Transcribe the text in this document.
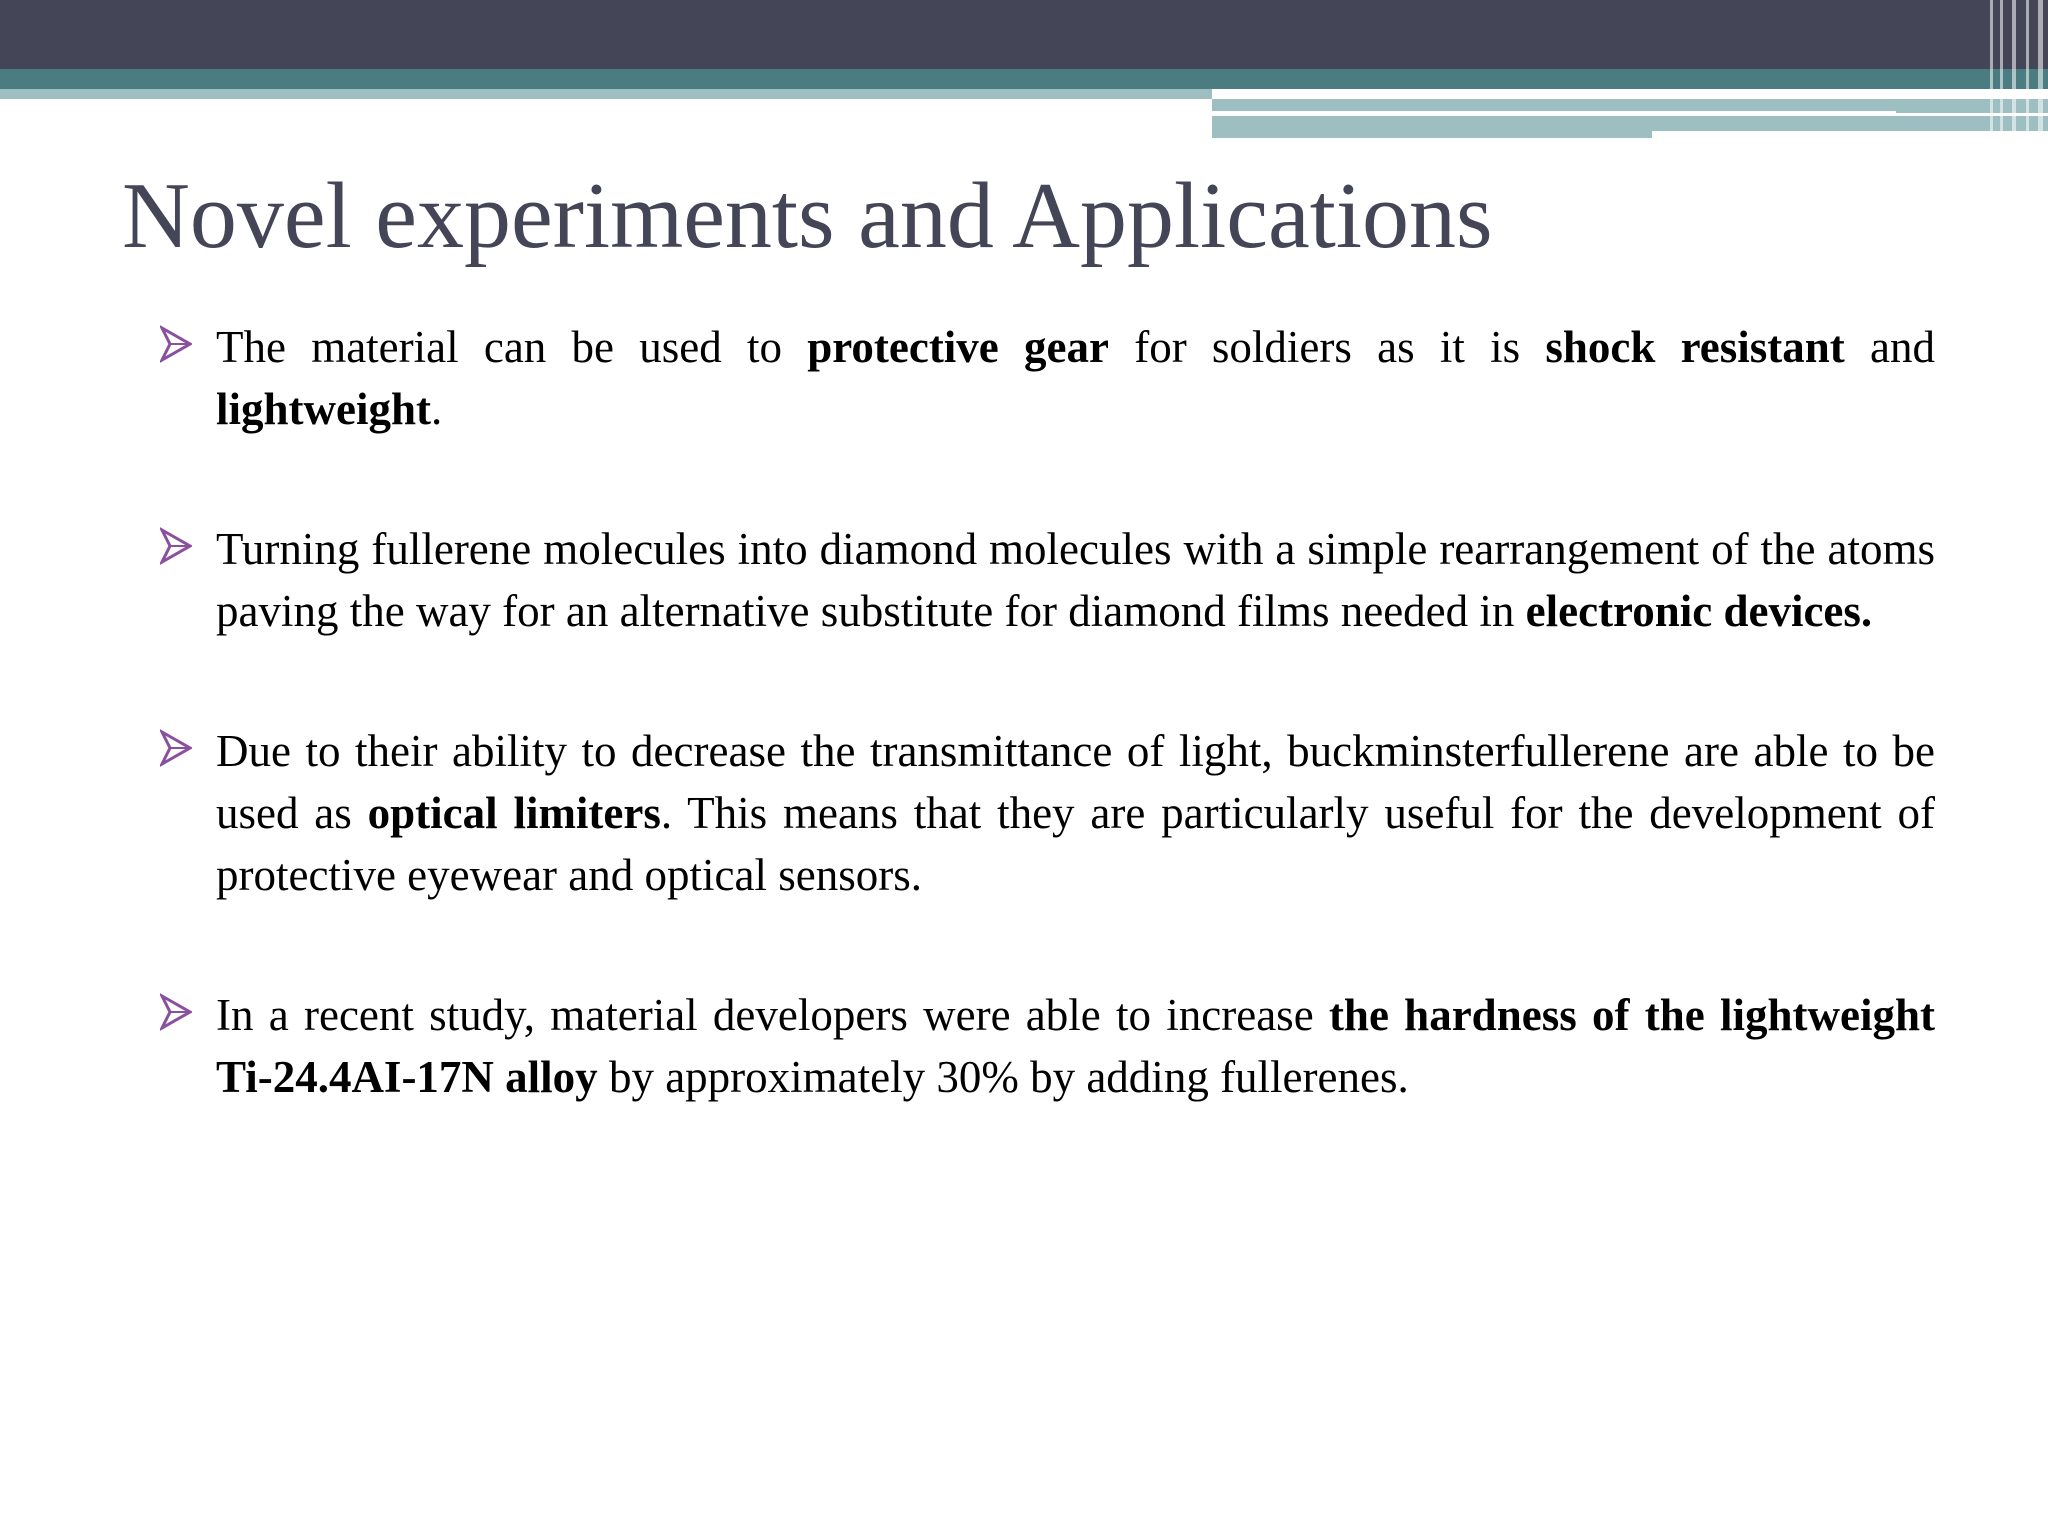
Novel experiments and Applications

The material can be used to protective gear for soldiers as it is shock resistant and lightweight.

Turning fullerene molecules into diamond molecules with a simple rearrangement of the atoms paving the way for an alternative substitute for diamond films needed in electronic devices.

Due to their ability to decrease the transmittance of light, buckminsterfullerene are able to be used as optical limiters. This means that they are particularly useful for the development of protective eyewear and optical sensors.

In a recent study, material developers were able to increase the hardness of the lightweight Ti-24.4AI-17N alloy by approximately 30% by adding fullerenes.
